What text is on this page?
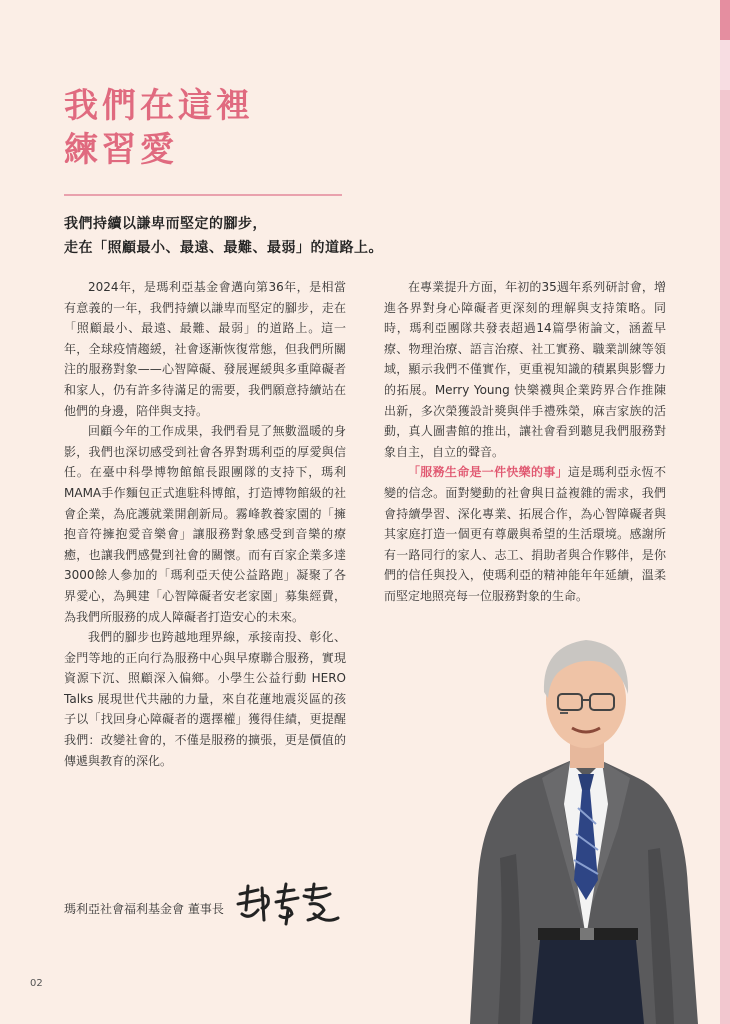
我們在這裡
練習愛
我們持續以謙卑而堅定的腳步，
走在「照顧最小、最遠、最難、最弱」的道路上。

2024年，是瑪利亞基金會邁向第36年，是相當有意義的一年，我們持續以謙卑而堅定的腳步，走在「照顧最小、最遠、最難、最弱」的道路上。這一年，全球疫情趨緩，社會逐漸恢復常態，但我們所關注的服務對象——心智障礙、發展遲緩與多重障礙者和家人，仍有許多待滿足的需要，我們願意持續站在他們的身邊，陪伴與支持。

回顧今年的工作成果，我們看見了無數溫暖的身影，我們也深切感受到社會各界對瑪利亞的厚愛與信任。在臺中科學博物館館長跟團隊的支持下，瑪利MAMA手作麵包正式進駐科博館，打造博物館級的社會企業，為庇護就業開創新局。霧峰教養家園的「擁抱音符擁抱愛音樂會」讓服務對象感受到音樂的療癒，也讓我們感覺到社會的關懷。而有百家企業多達3000餘人參加的「瑪利亞天使公益路跑」凝聚了各界愛心，為興建「心智障礙者安老家園」募集經費，為我們所服務的成人障礙者打造安心的未來。

我們的腳步也跨越地理界線，承接南投、彰化、金門等地的正向行為服務中心與早療聯合服務，實現資源下沉、照顧深入偏鄉。小學生公益行動 HERO Talks 展現世代共融的力量，來自花蓮地震災區的孩子以「找回身心障礙者的選擇權」獲得佳績，更提醒我們：改變社會的，不僅是服務的擴張，更是價值的傳遞與教育的深化。

在專業提升方面，年初的35週年系列研討會，增進各界對身心障礙者更深刻的理解與支持策略。同時，瑪利亞團隊共發表超過14篇學術論文，涵蓋早療、物理治療、語言治療、社工實務、職業訓練等領域，顯示我們不僅實作，更重視知識的積累與影響力的拓展。Merry Young 快樂襪與企業跨界合作推陳出新，多次榮獲設計獎與伴手禮殊榮，麻吉家族的活動，真人圖書館的推出，讓社會看到聽見我們服務對象自主，自立的聲音。

「服務生命是一件快樂的事」這是瑪利亞永恆不變的信念。面對變動的社會與日益複雜的需求，我們會持續學習、深化專業、拓展合作，為心智障礙者與其家庭打造一個更有尊嚴與希望的生活環境。感謝所有一路同行的家人、志工、捐助者與合作夥伴，是你們的信任與投入，使瑪利亞的精神能年年延續，溫柔而堅定地照亮每一位服務對象的生命。

瑪利亞社會福利基金會 董事長
02
